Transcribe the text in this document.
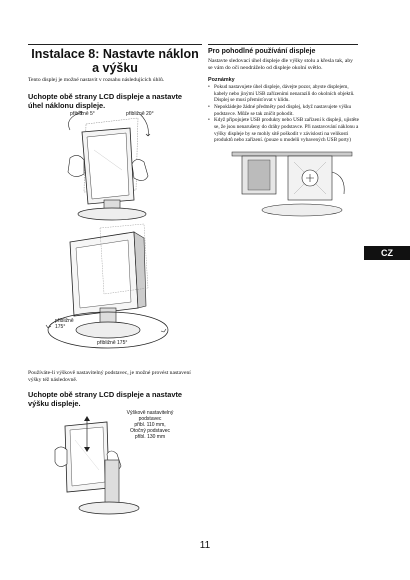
Instalace 8: Nastavte náklon a výšku
Tento displej je možné nastavit v rozsahu následujících úhlů.
Uchopte obě strany LCD displeje a nastavte úhel náklonu displeje.
přibližně 5°	přibližně 20°
přibližně 175°
přibližně 175°
Používáte-li výškově nastavitelný podstavec, je možné provést nastavení výšky též následovně.
Uchopte obě strany LCD displeje a nastavte výšku displeje.
Výškově nastavitelný
podstavec
přibl. 110 mm,
Otočný podstavec
přibl. 130 mm
Pro pohodlné používání displeje
Nastavte sledovací úhel displeje dle výšky stolu a křesla tak, aby se vám do oči neodráželo od displeje okolní světlo.
Poznámky
• Pokud nastavujete úhel displeje, dávejte pozor, abyste displejem, kabely nebo jinými USB zařízeními nenarazili do okolních objektů. Displej se musí přemísťovat v klidu.
• Nepokládejte žádné předměty pod displej, když nastavujete výšku podstavce. Může se tak zničit pohodit.
• Když připojujete USB produkty nebo USB zařízení k displeji, ujistěte se, že jsou nenarušeny do dráhy podstavce. Při nastavování náklonu a výšky displeje by se mohly sítě poškodit v závislosti na velikosti produktů nebo zařízení. (pouze u modelů vybavených USB porty)
CZ
11
